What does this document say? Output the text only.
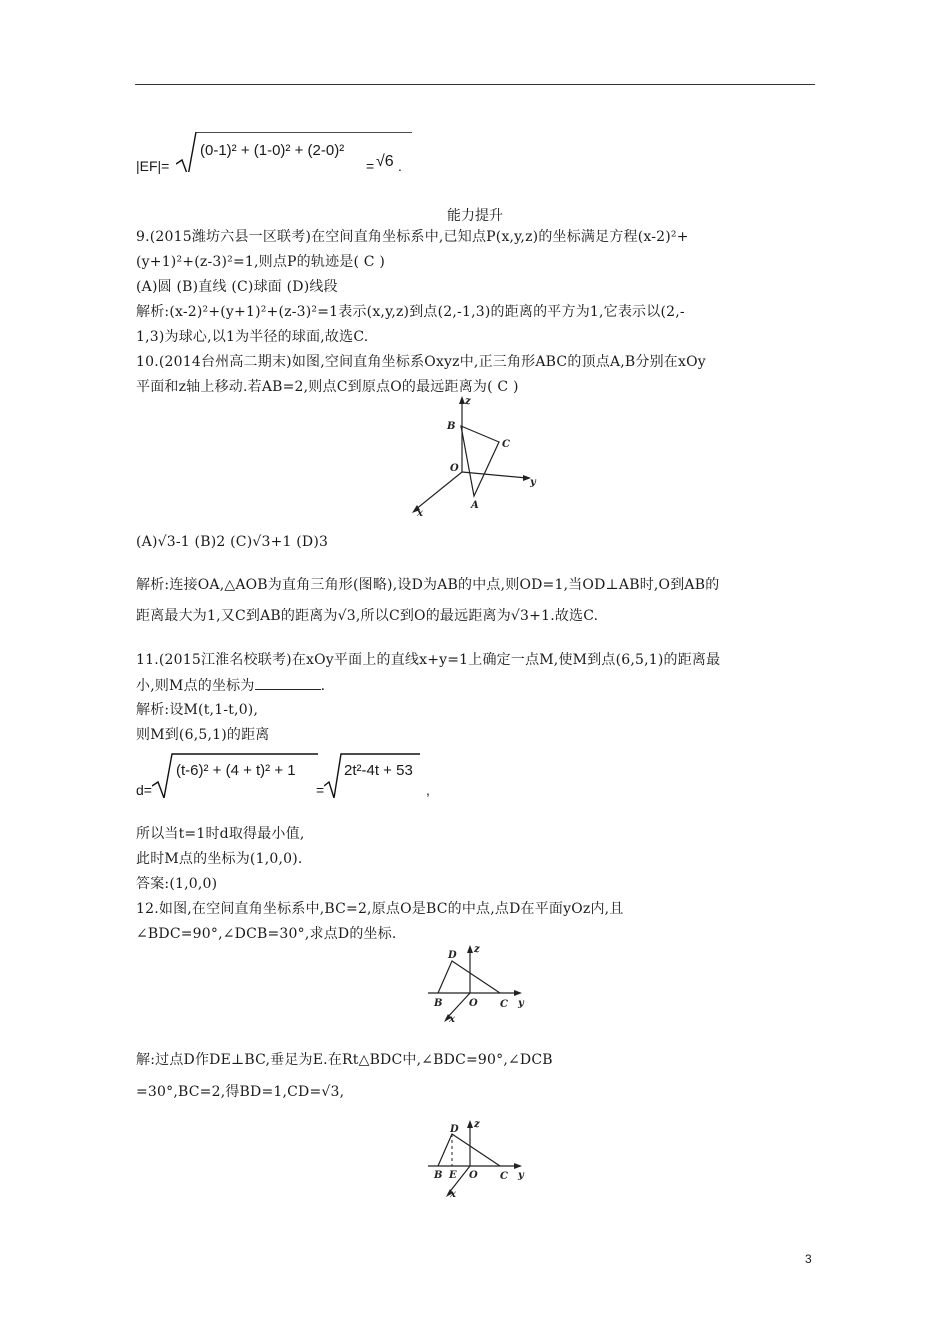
|EF|=
(0-1)² + (1-0)² + (2-0)²
= √6 .
能力提升
9.(2015潍坊六县一区联考)在空间直角坐标系中,已知点P(x,y,z)的坐标满足方程(x-2)²+
(y+1)²+(z-3)²=1,则点P的轨迹是( C )
(A)圆 (B)直线 (C)球面 (D)线段
解析:(x-2)²+(y+1)²+(z-3)²=1表示(x,y,z)到点(2,-1,3)的距离的平方为1,它表示以(2,-
1,3)为球心,以1为半径的球面,故选C.
10.(2014台州高二期末)如图,空间直角坐标系Oxyz中,正三角形ABC的顶点A,B分别在xOy
平面和z轴上移动.若AB=2,则点C到原点O的最远距离为( C )
z
B
C
O
y
A
x
(A)√3-1 (B)2 (C)√3+1 (D)3
解析:连接OA,△AOB为直角三角形(图略),设D为AB的中点,则OD=1,当OD⊥AB时,O到AB的
距离最大为1,又C到AB的距离为√3,所以C到O的最远距离为√3+1.故选C.
11.(2015江淮名校联考)在xOy平面上的直线x+y=1上确定一点M,使M到点(6,5,1)的距离最
小,则M点的坐标为	.
解析:设M(t,1-t,0),
则M到(6,5,1)的距离
d=
(t-6)² + (4 + t)² + 1
=
2t²-4t + 53
,
所以当t=1时d取得最小值,
此时M点的坐标为(1,0,0).
答案:(1,0,0)
12.如图,在空间直角坐标系中,BC=2,原点O是BC的中点,点D在平面yOz内,且
∠BDC=90°,∠DCB=30°,求点D的坐标.
D
z
B	O C y
x
解:过点D作DE⊥BC,垂足为E.在Rt△BDC中,∠BDC=90°,∠DCB
=30°,BC=2,得BD=1,CD=√3,
D z
B E O C y
x
3
